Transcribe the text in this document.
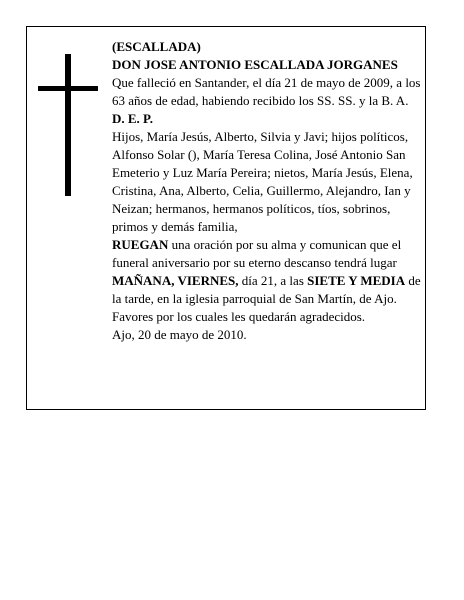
(ESCALLADA)

DON JOSE ANTONIO ESCALLADA JORGANES

Que falleció en Santander, el día 21 de mayo de 2009, a los 63 años de edad, habiendo recibido los SS. SS. y la B. A.

D. E. P.

Hijos, María Jesús, Alberto, Silvia y Javi; hijos políticos, Alfonso Solar (), María Teresa Colina, José Antonio San Emeterio y Luz María Pereira; nietos, María Jesús, Elena, Cristina, Ana, Alberto, Celia, Guillermo, Alejandro, Ian y Neizan; hermanos, hermanos políticos, tíos, sobrinos, primos y demás familia,

RUEGAN una oración por su alma y comunican que el funeral aniversario por su eterno descanso tendrá lugar MAÑANA, VIERNES, día 21, a las SIETE Y MEDIA de la tarde, en la iglesia parroquial de San Martín, de Ajo. Favores por los cuales les quedarán agradecidos.

Ajo, 20 de mayo de 2010.
